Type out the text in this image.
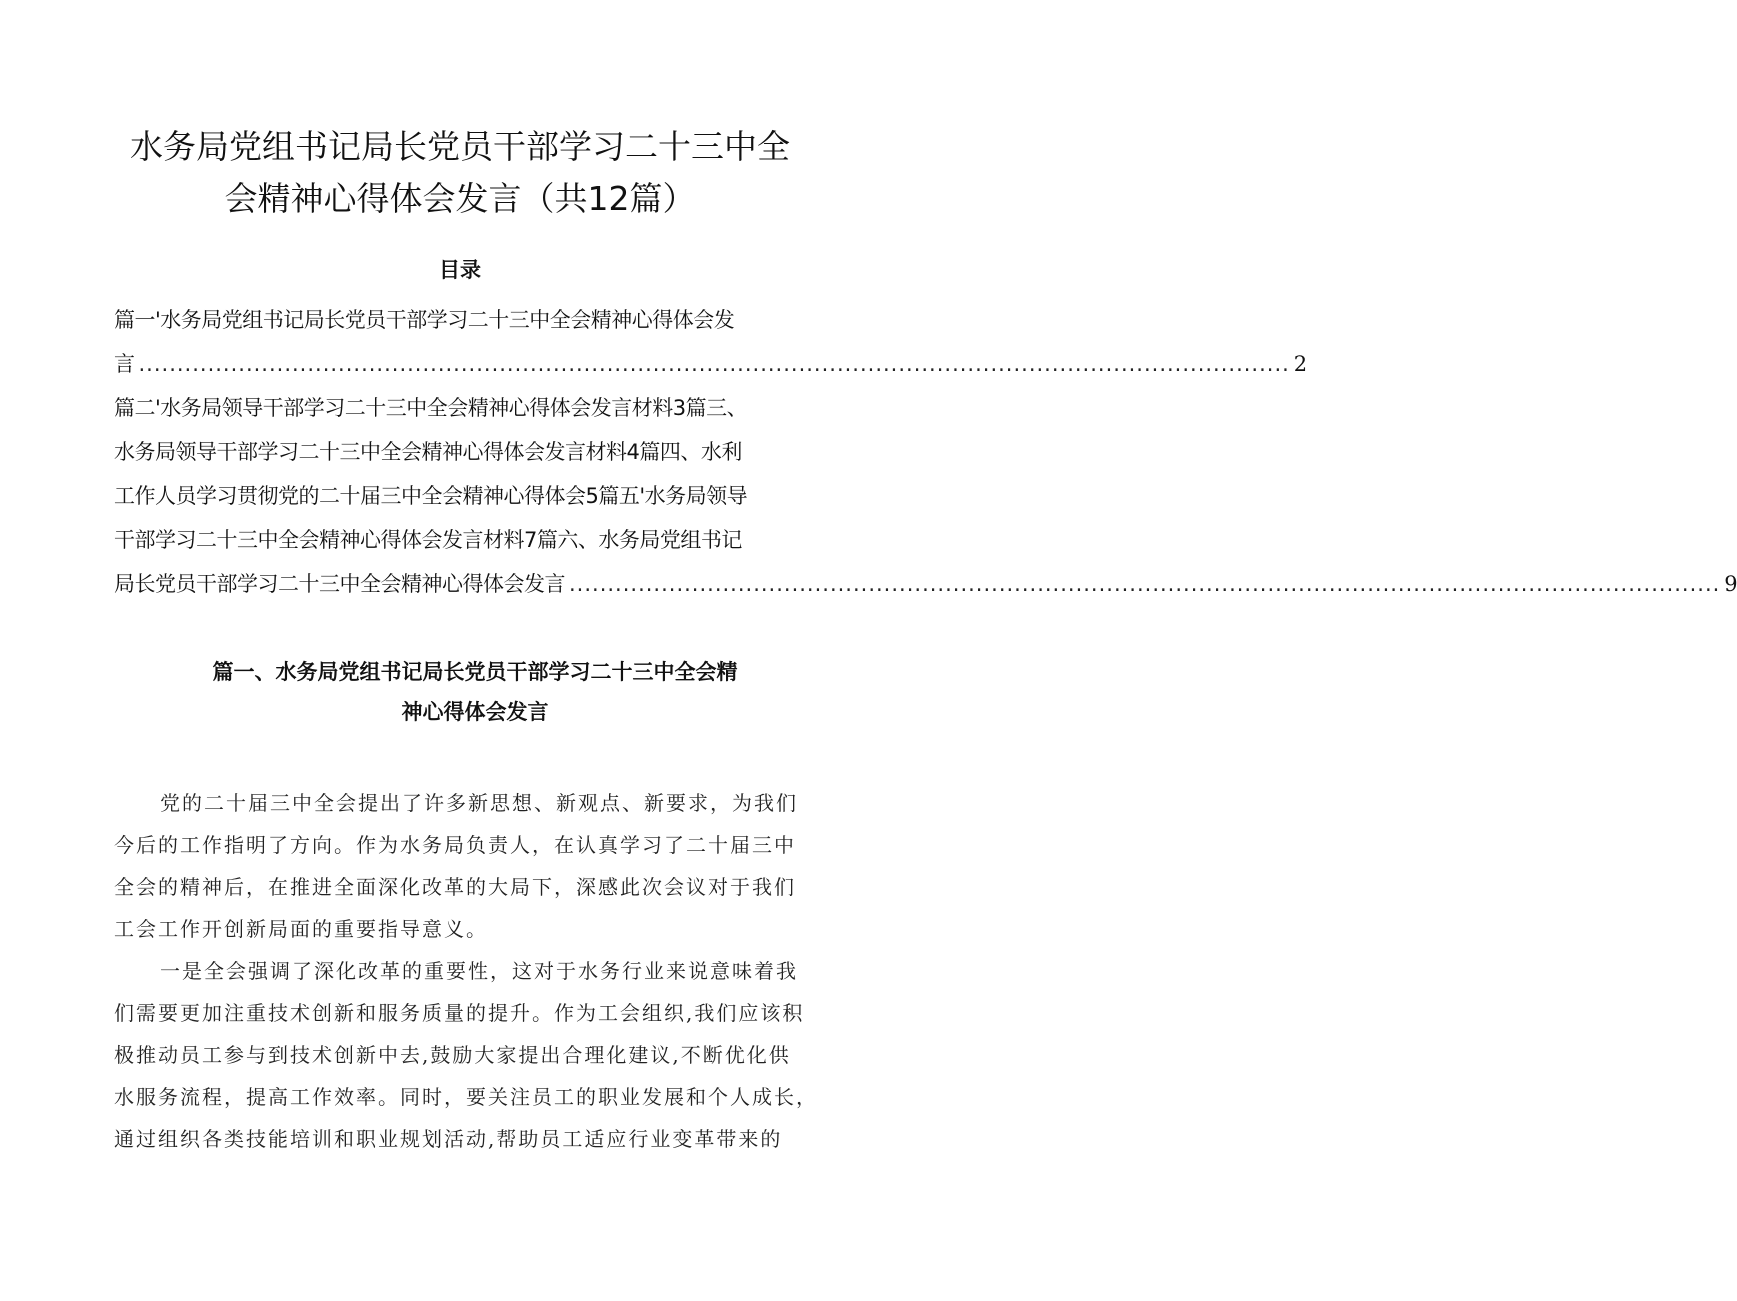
水务局党组书记局长党员干部学习二十三中全
会精神心得体会发言（共12篇）
目录
篇一'水务局党组书记局长党员干部学习二十三中全会精神心得体会发
言 ...................................................................................................................................................... 2
篇二'水务局领导干部学习二十三中全会精神心得体会发言材料3篇三、
水务局领导干部学习二十三中全会精神心得体会发言材料4篇四、水利
工作人员学习贯彻党的二十届三中全会精神心得体会5篇五'水务局领导
干部学习二十三中全会精神心得体会发言材料7篇六、水务局党组书记
局长党员干部学习二十三中全会精神心得体会发言 ...................................................................................................................................................... 9
篇一、水务局党组书记局长党员干部学习二十三中全会精
神心得体会发言
党的二十届三中全会提出了许多新思想、新观点、新要求，为我们
今后的工作指明了方向。作为水务局负责人，在认真学习了二十届三中
全会的精神后，在推进全面深化改革的大局下，深感此次会议对于我们
工会工作开创新局面的重要指导意义。
一是全会强调了深化改革的重要性，这对于水务行业来说意味着我
们需要更加注重技术创新和服务质量的提升。作为工会组织,我们应该积
极推动员工参与到技术创新中去,鼓励大家提出合理化建议,不断优化供
水服务流程，提高工作效率。同时，要关注员工的职业发展和个人成长，
通过组织各类技能培训和职业规划活动,帮助员工适应行业变革带来的
